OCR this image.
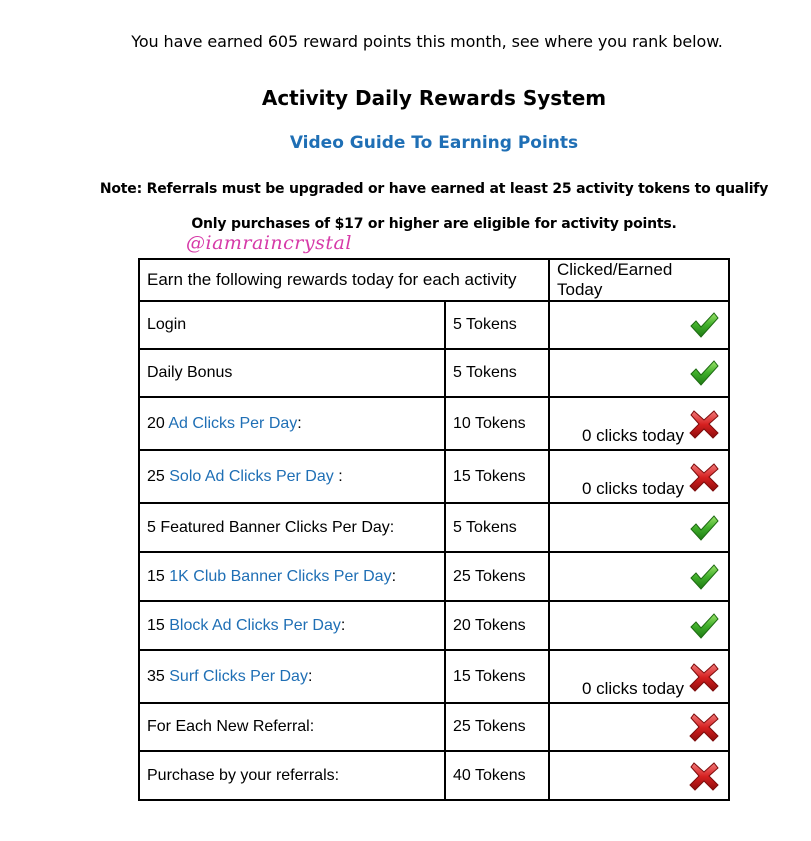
You have earned 605 reward points this month, see where you rank below.
Activity Daily Rewards System
Video Guide To Earning Points
Note: Referrals must be upgraded or have earned at least 25 activity tokens to qualify
Only purchases of $17 or higher are eligible for activity points.
@iamraincrystal
Earn the following rewards today for each activity		Clicked/Earned Today
Login	5 Tokens	
Daily Bonus	5 Tokens	
20 Ad Clicks Per Day:	10 Tokens	0 clicks today
25 Solo Ad Clicks Per Day :	15 Tokens	0 clicks today
5 Featured Banner Clicks Per Day:	5 Tokens	
15 1K Club Banner Clicks Per Day:	25 Tokens	
15 Block Ad Clicks Per Day:	20 Tokens	
35 Surf Clicks Per Day:	15 Tokens	0 clicks today
For Each New Referral:	25 Tokens	
Purchase by your referrals:	40 Tokens	
